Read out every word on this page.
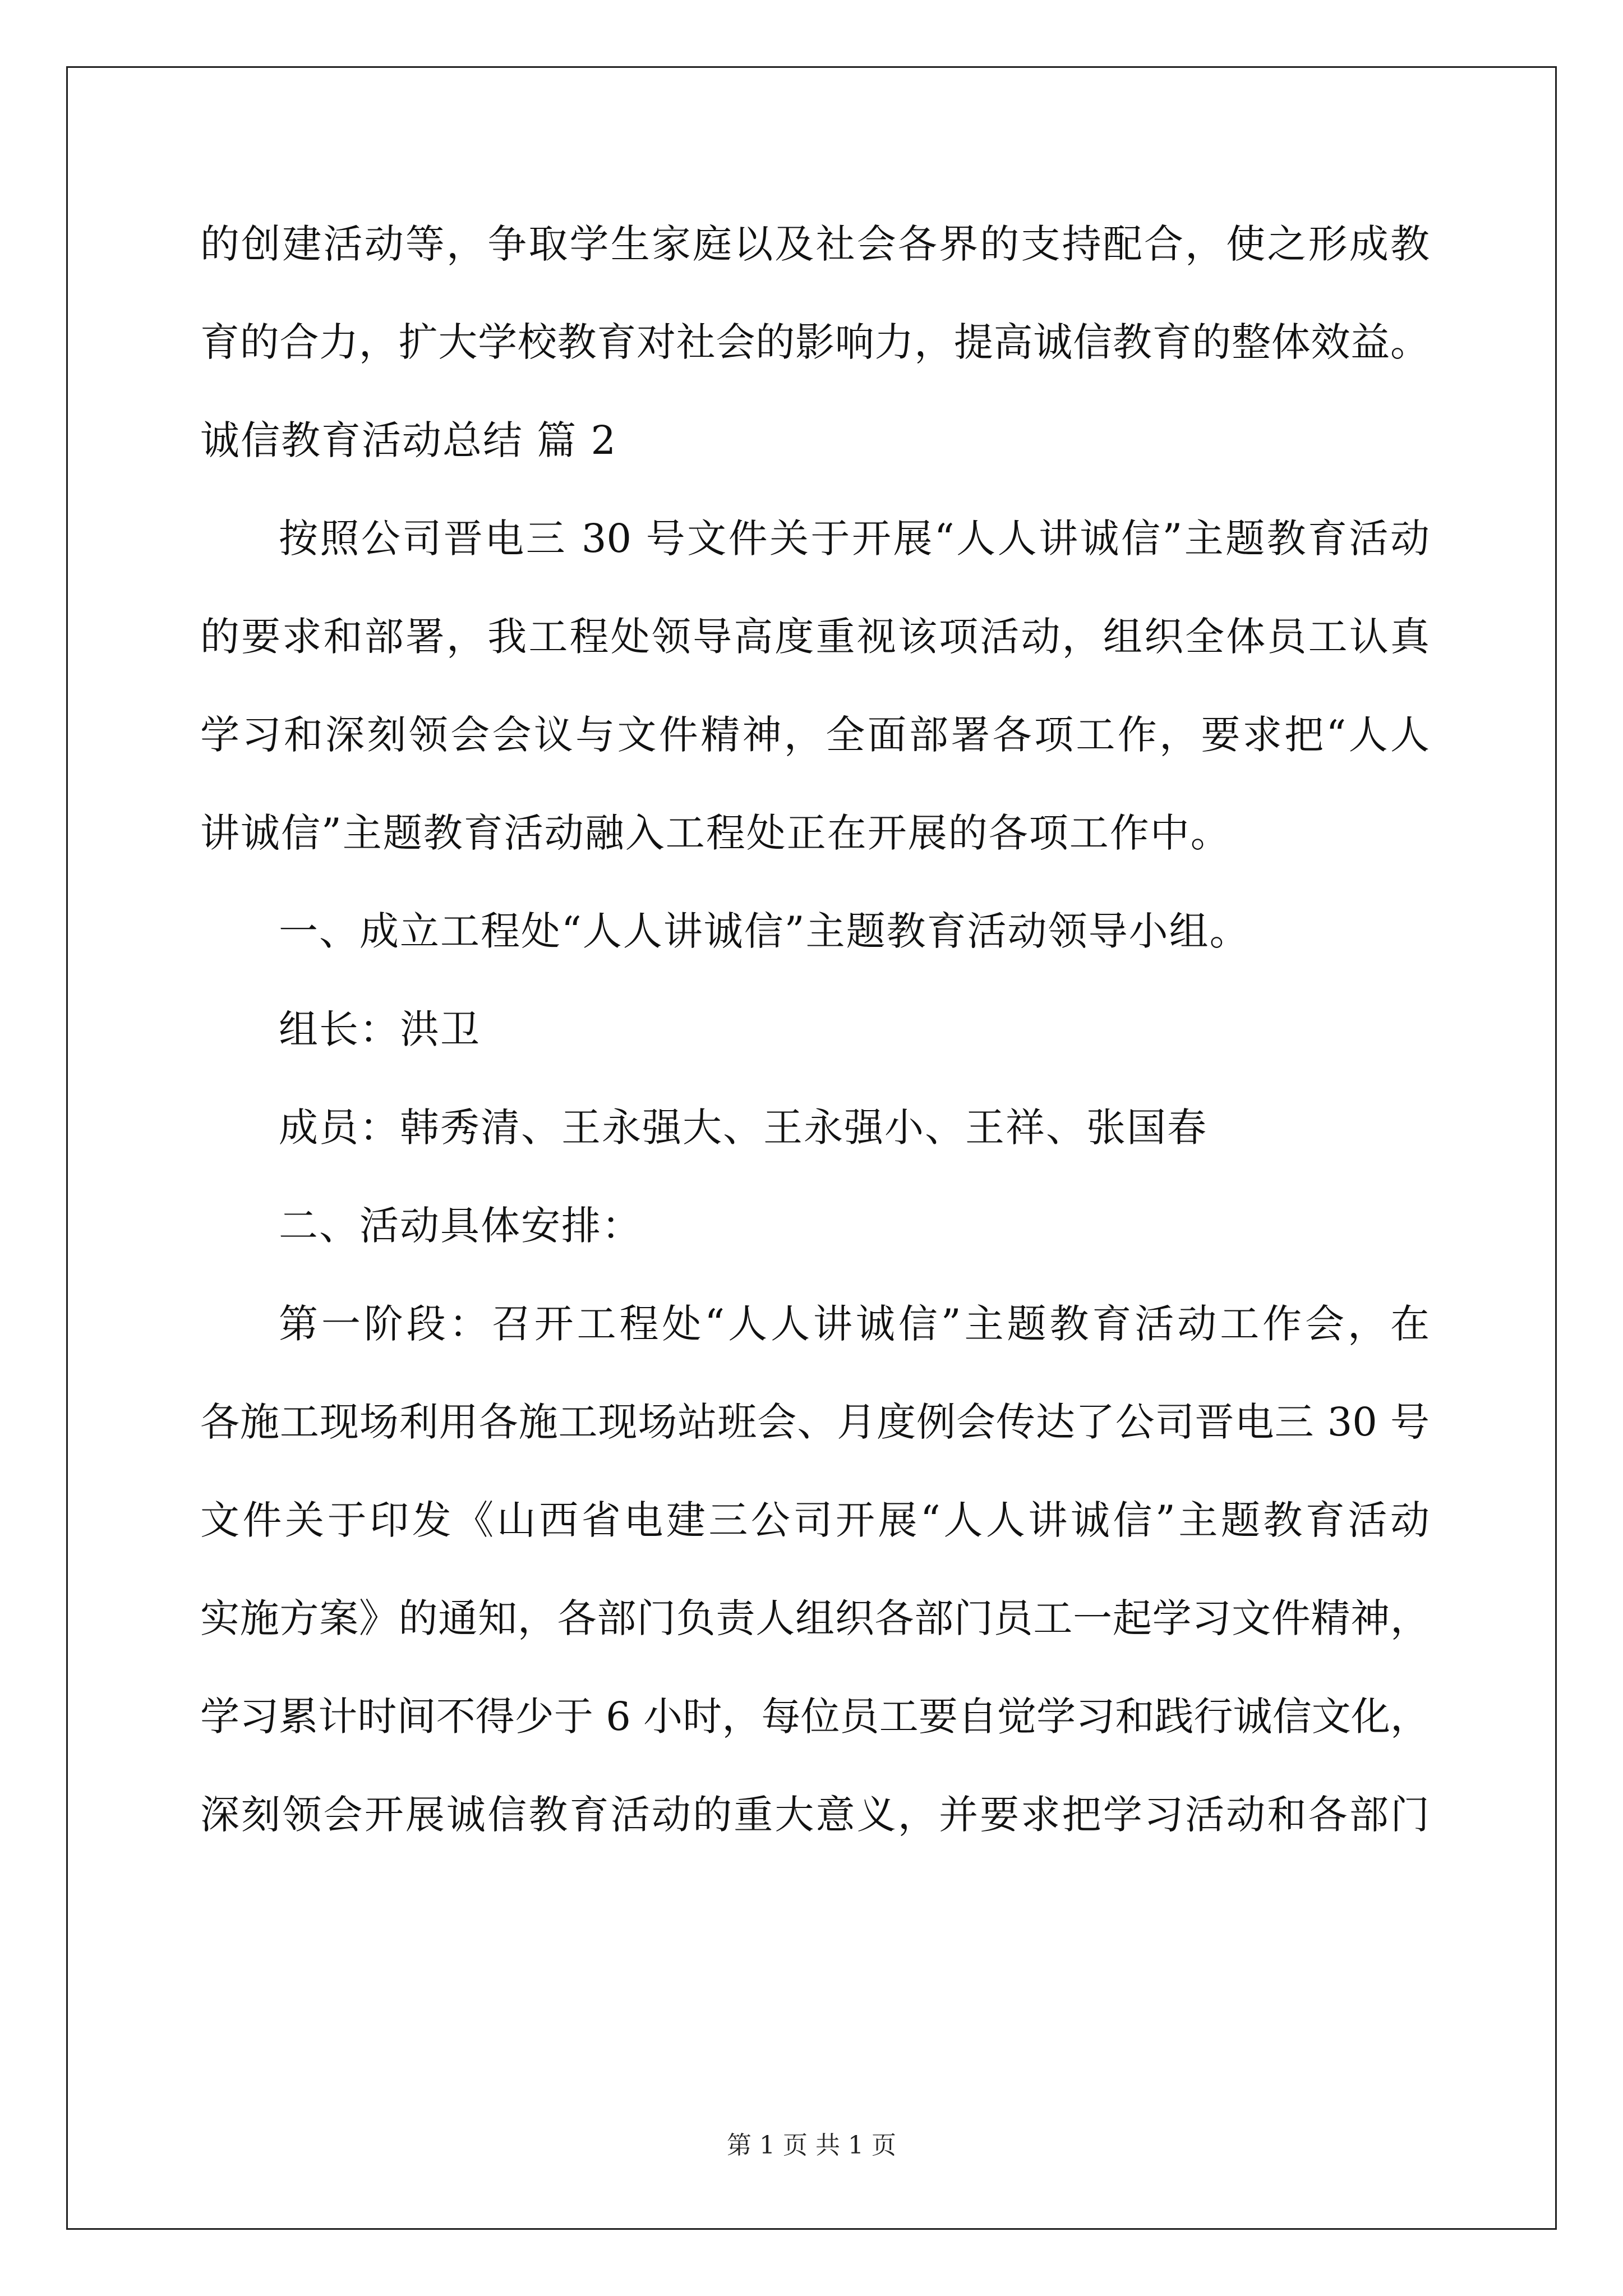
的创建活动等，争取学生家庭以及社会各界的支持配合，使之形成教
育的合力，扩大学校教育对社会的影响力，提高诚信教育的整体效益。
诚信教育活动总结 篇 2
按照公司晋电三 30 号文件关于开展“人人讲诚信”主题教育活动
的要求和部署，我工程处领导高度重视该项活动，组织全体员工认真
学习和深刻领会会议与文件精神，全面部署各项工作，要求把“人人
讲诚信”主题教育活动融入工程处正在开展的各项工作中。
一、成立工程处“人人讲诚信”主题教育活动领导小组。
组长：洪卫
成员：韩秀清、王永强大、王永强小、王祥、张国春
二、活动具体安排：
第一阶段：召开工程处“人人讲诚信”主题教育活动工作会，在
各施工现场利用各施工现场站班会、月度例会传达了公司晋电三 30 号
文件关于印发《山西省电建三公司开展“人人讲诚信”主题教育活动
实施方案》的通知，各部门负责人组织各部门员工一起学习文件精神，
学习累计时间不得少于 6 小时，每位员工要自觉学习和践行诚信文化，
深刻领会开展诚信教育活动的重大意义，并要求把学习活动和各部门
第 1 页 共 1 页
